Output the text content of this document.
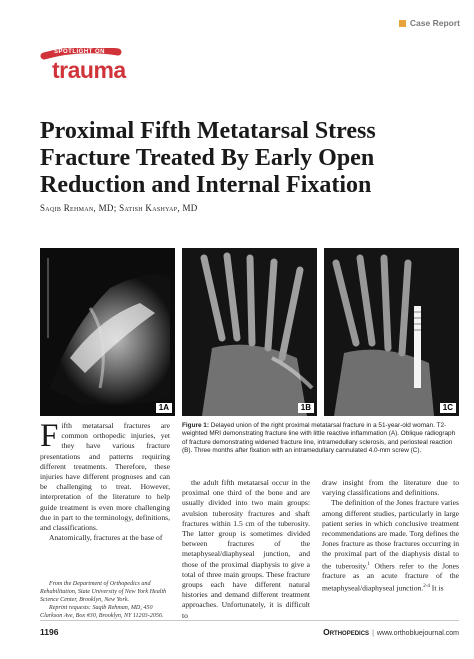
Case Report
SPOTLIGHT ON
trauma
Proximal Fifth Metatarsal Stress Fracture Treated By Early Open Reduction and Internal Fixation
Saqib Rehman, MD; Satish Kashyap, MD
1A	1B	1C
Figure 1: Delayed union of the right proximal metatarsal fracture in a 51-year-old woman. T2-weighted MRI demonstrating fracture line with little reactive inflammation (A). Oblique radiograph of fracture demonstrating widened fracture line, intramedullary sclerosis, and periosteal reaction (B). Three months after fixation with an intramedullary cannulated 4.0-mm screw (C).

Fifth metatarsal fractures are common orthopedic injuries, yet they have various fracture presentations and patterns requiring different treatments. Therefore, these injuries have different prognoses and can be challenging to treat. However, interpretation of the literature to help guide treatment is even more challenging due in part to the terminology, definitions, and classifications.

Anatomically, fractures at the base of

From the Department of Orthopedics and Rehabilitation, State University of New York Health Science Center, Brooklyn, New York.

Reprint requests: Saqib Rehman, MD, 450 Clarkson Ave, Box #30, Brooklyn, NY 11203-2056.

the adult fifth metatarsal occur in the proximal one third of the bone and are usually divided into two main groups: avulsion tuberosity fractures and shaft fractures within 1.5 cm of the tuberosity. The latter group is sometimes divided between fractures of the metaphyseal/diaphyseal junction, and those of the proximal diaphysis to give a total of three main groups. These fracture groups each have different natural histories and demand different treatment approaches. Unfortunately, it is difficult to

draw insight from the literature due to varying classifications and definitions.

The definition of the Jones fracture varies among different studies, particularly in large patient series in which conclusive treatment recommendations are made. Torg defines the Jones fracture as those fractures occurring in the proximal part of the diaphysis distal to the tuberosity.$^1$ Others refer to the Jones fracture as an acute fracture of the metaphyseal/diaphyseal junction.$^{2-4}$ It is

1196	Orthopedics | www.orthobluejournal.com
